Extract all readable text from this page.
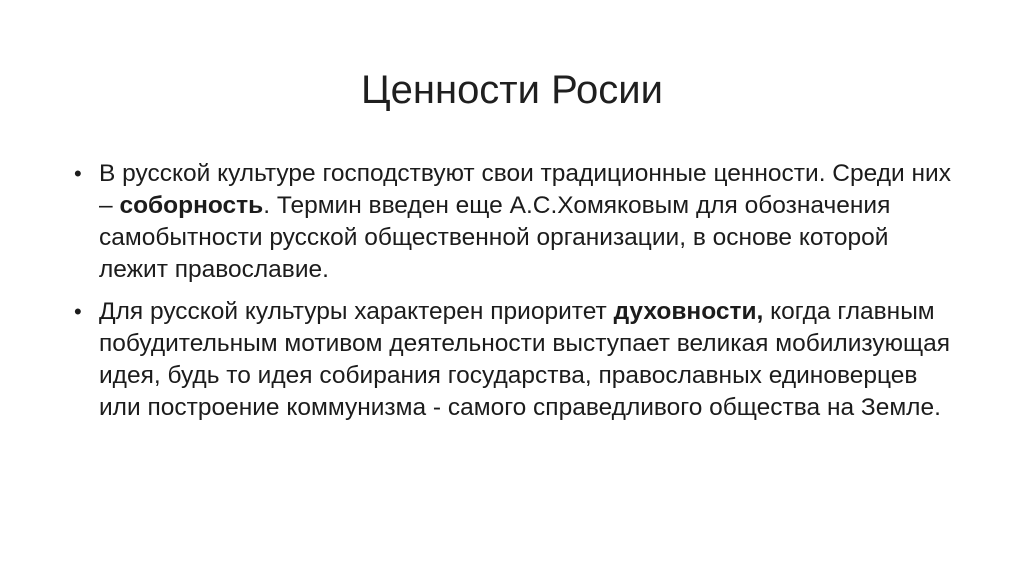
Ценности Росии
• В русской культуре господствуют свои традиционные ценности. Среди них – соборность. Термин введен еще А.С.Хомяковым для обозначения самобытности русской общественной организации, в основе которой лежит православие.
• Для русской культуры характерен приоритет духовности, когда главным побудительным мотивом деятельности выступает великая мобилизующая идея, будь то идея собирания государства, православных единоверцев или построение коммунизма - самого справедливого общества на Земле.
